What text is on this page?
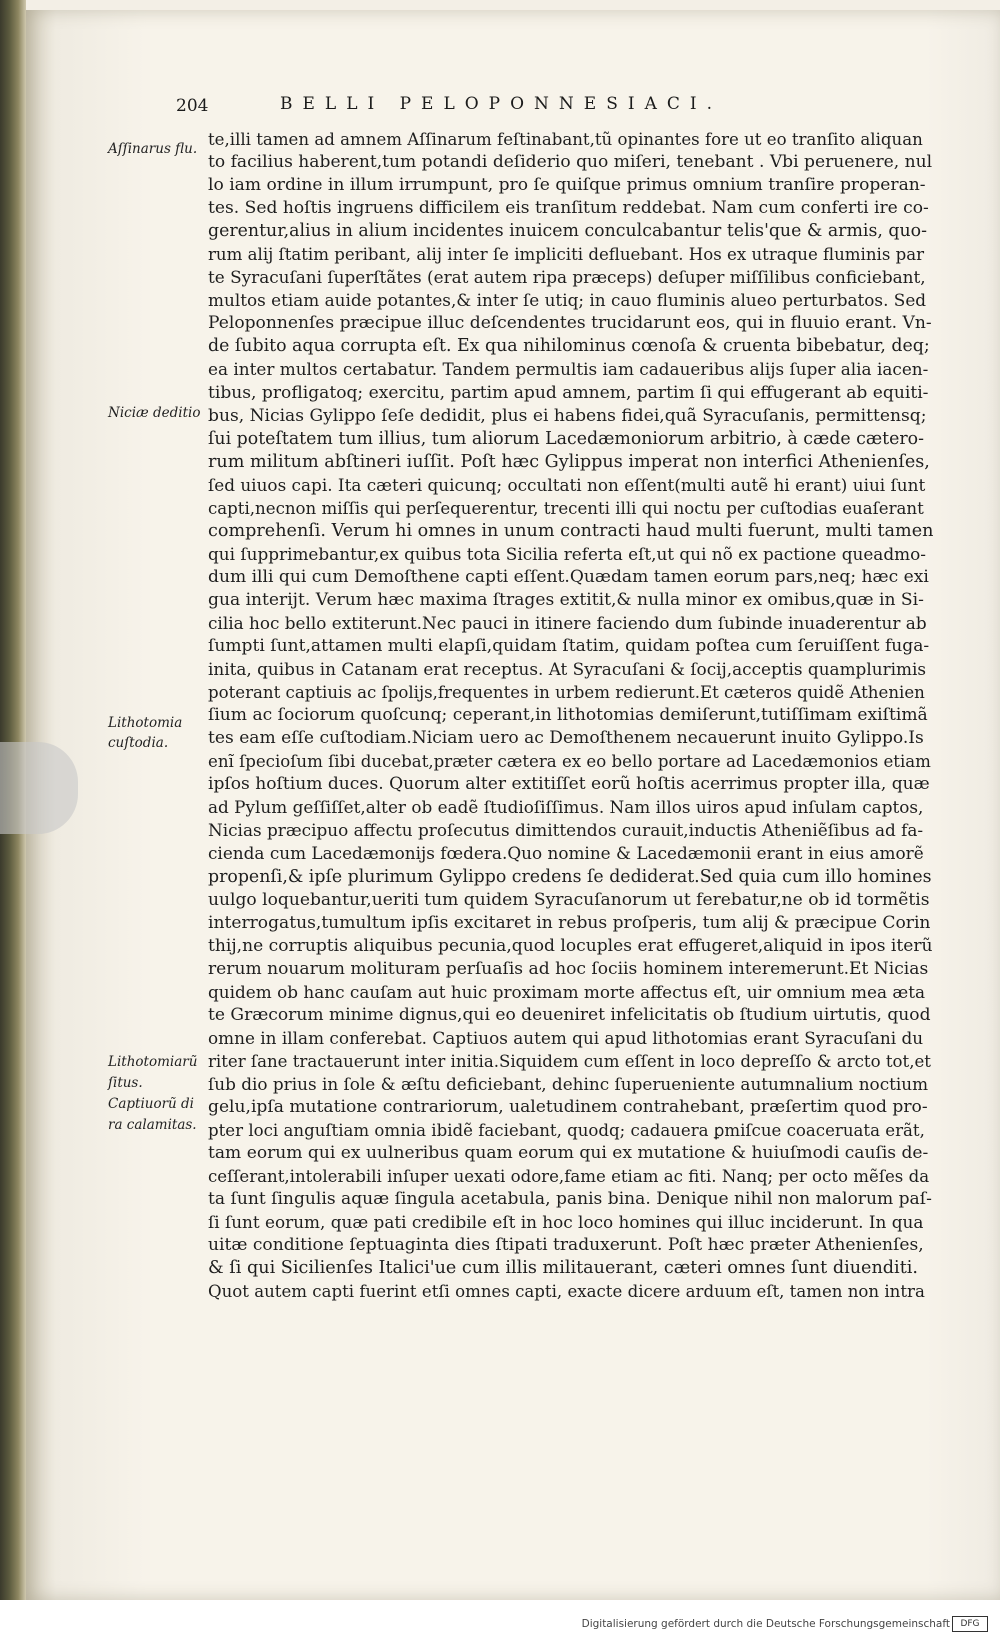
204	BELLI PELOPONNESIACI.
Aſſinarus flu.
Niciæ deditio
Lithotomia
cuſtodia.
Lithotomiarũ
ſitus.
Captiuorũ di
ra calamitas.
te,illi tamen ad amnem Aſſinarum feſtinabant,tũ opinantes fore ut eo tranſito aliquan
to facilius haberent,tum potandi deſiderio quo miſeri, tenebant . Vbi peruenere, nul
lo iam ordine in illum irrumpunt, pro ſe quiſque primus omnium tranſire properan-
tes. Sed hoſtis ingruens difficilem eis tranſitum reddebat. Nam cum conferti ire co-
gerentur,alius in alium incidentes inuicem conculcabantur telis'que & armis, quo-
rum alij ſtatim peribant, alij inter ſe impliciti defluebant. Hos ex utraque fluminis par
te Syracuſani ſuperſtãtes (erat autem ripa præceps) deſuper miſſilibus conficiebant,
multos etiam auide potantes,& inter ſe utiq; in cauo fluminis alueo perturbatos. Sed
Peloponnenſes præcipue illuc deſcendentes trucidarunt eos, qui in fluuio erant. Vn-
de ſubito aqua corrupta eſt. Ex qua nihilominus cœnoſa & cruenta bibebatur, deq;
ea inter multos certabatur. Tandem permultis iam cadaueribus alijs ſuper alia iacen-
tibus, profligatoq; exercitu, partim apud amnem, partim ſi qui effugerant ab equiti-
bus, Nicias Gylippo ſeſe dedidit, plus ei habens fidei,quã Syracuſanis, permittensq;
ſui poteſtatem tum illius, tum aliorum Lacedæmoniorum arbitrio, à cæde cætero-
rum militum abſtineri iuſſit. Poſt hæc Gylippus imperat non interfici Athenienſes,
ſed uiuos capi. Ita cæteri quicunq; occultati non eſſent(multi autẽ hi erant) uiui ſunt
capti,necnon miſſis qui perſequerentur, trecenti illi qui noctu per cuſtodias euaſerant
comprehenſi. Verum hi omnes in unum contracti haud multi fuerunt, multi tamen
qui ſupprimebantur,ex quibus tota Sicilia referta eſt,ut qui nõ ex pactione queadmo-
dum illi qui cum Demoſthene capti eſſent.Quædam tamen eorum pars,neq; hæc exi
gua interijt. Verum hæc maxima ſtrages extitit,& nulla minor ex omibus,quæ in Si-
cilia hoc bello extiterunt.Nec pauci in itinere faciendo dum ſubinde inuaderentur ab
ſumpti ſunt,attamen multi elapſi,quidam ſtatim, quidam poſtea cum ſeruiſſent fuga-
inita, quibus in Catanam erat receptus. At Syracuſani & ſocij,acceptis quamplurimis
poterant captiuis ac ſpolijs,frequentes in urbem redierunt.Et cæteros quidẽ Athenien
ſium ac ſociorum quoſcunq; ceperant,in lithotomias demiſerunt,tutiſſimam exiſtimã
tes eam eſſe cuſtodiam.Niciam uero ac Demoſthenem necauerunt inuito Gylippo.Is
enĩ ſpecioſum ſibi ducebat,præter cætera ex eo bello portare ad Lacedæmonios etiam
ipſos hoſtium duces. Quorum alter extitiſſet eorũ hoſtis acerrimus propter illa, quæ
ad Pylum geſſiſſet,alter ob eadẽ ſtudioſiſſimus. Nam illos uiros apud inſulam captos,
Nicias præcipuo affectu proſecutus dimittendos curauit,inductis Atheniẽſibus ad fa-
cienda cum Lacedæmonijs fœdera.Quo nomine & Lacedæmonii erant in eius amorẽ
propenſi,& ipſe plurimum Gylippo credens ſe dediderat.Sed quia cum illo homines
uulgo loquebantur,ueriti tum quidem Syracuſanorum ut ferebatur,ne ob id tormẽtis
interrogatus,tumultum ipſis excitaret in rebus proſperis, tum alij & præcipue Corin
thij,ne corruptis aliquibus pecunia,quod locuples erat effugeret,aliquid in ipos iterũ
rerum nouarum molituram perſuaſis ad hoc ſociis hominem interemerunt.Et Nicias
quidem ob hanc cauſam aut huic proximam morte affectus eſt, uir omnium mea æta
te Græcorum minime dignus,qui eo deueniret infelicitatis ob ſtudium uirtutis, quod
omne in illam conferebat. Captiuos autem qui apud lithotomias erant Syracuſani du
riter ſane tractauerunt inter initia.Siquidem cum eſſent in loco depreſſo & arcto tot,et
ſub dio prius in ſole & æſtu deficiebant, dehinc ſuperueniente autumnalium noctium
gelu,ipſa mutatione contrariorum, ualetudinem contrahebant, præſertim quod pro-
pter loci anguſtiam omnia ibidẽ faciebant, quodq; cadauera ꝑmiſcue coaceruata erãt,
tam eorum qui ex uulneribus quam eorum qui ex mutatione & huiuſmodi cauſis de-
ceſſerant,intolerabili inſuper uexati odore,fame etiam ac fiti. Nanq; per octo mẽſes da
ta ſunt ſingulis aquæ ſingula acetabula, panis bina. Denique nihil non malorum paſ-
ſi ſunt eorum, quæ pati credibile eſt in hoc loco homines qui illuc inciderunt. In qua
uitæ conditione ſeptuaginta dies ſtipati traduxerunt. Poſt hæc præter Athenienſes,
& ſi qui Sicilienſes Italici'ue cum illis militauerant, cæteri omnes ſunt diuenditi.
Quot autem capti fuerint etſi omnes capti, exacte dicere arduum eſt, tamen non intra
Digitalisierung gefördert durch die Deutsche Forschungsgemeinschaft	DFG
